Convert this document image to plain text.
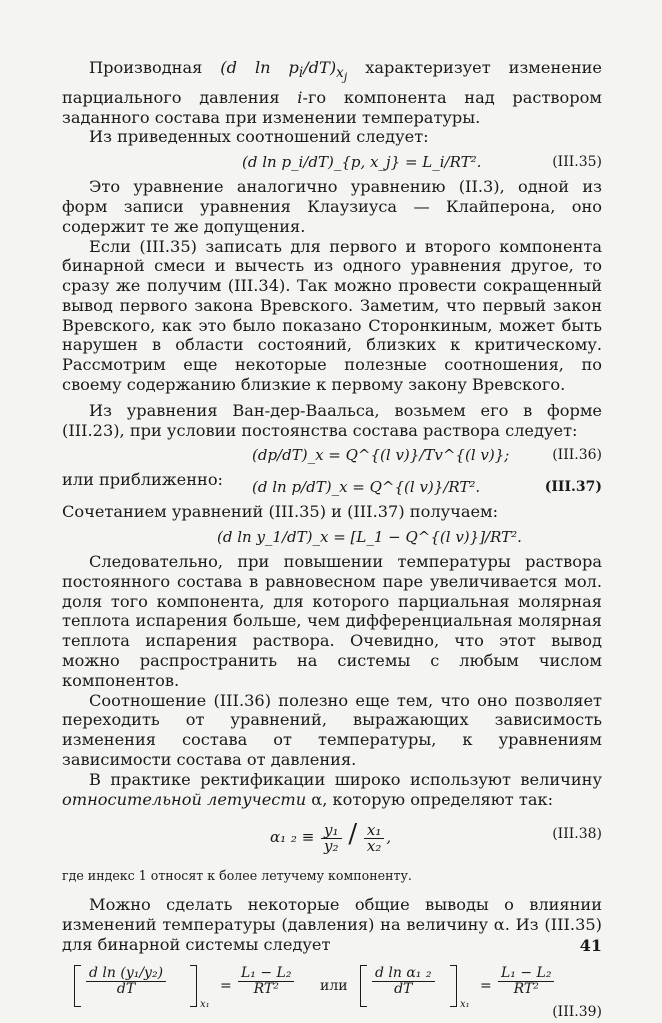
Производная (d $\ln p_i/dT)_{x_j}$ характеризует изменение парциального давления i-го компонента над раствором заданного состава при изменении температуры.

Из приведенных соотношений следует:

(d ln p_i/dT)_{p, x_j} = L_i/RT².	(III.35)

Это уравнение аналогично уравнению (II.3), одной из форм записи уравнения Клаузиуса — Клайперона, оно содержит те же допущения.

Если (III.35) записать для первого и второго компонента бинарной смеси и вычесть из одного уравнения другое, то сразу же получим (III.34). Так можно провести сокращенный вывод первого закона Вревского. Заметим, что первый закон Вревского, как это было показано Сторонкиным, может быть нарушен в области состояний, близких к критическому. Рассмотрим еще некоторые полезные соотношения, по своему содержанию близкие к первому закону Вревского.

Из уравнения Ван-дер-Ваальса, возьмем его в форме (III.23), при условии постоянства состава раствора следует:

(dp/dT)_x = Q^{(l v)}/Tv^{(l v)};	(III.36)

или приближенно:	(d ln p/dT)_x = Q^{(l v)}/RT².	(III.37)

Сочетанием уравнений (III.35) и (III.37) получаем:

(d ln y_1/dT)_x = [L_1 − Q^{(l v)}]/RT².

Следовательно, при повышении температуры раствора постоянного состава в равновесном паре увеличивается мол. доля того компонента, для которого парциальная молярная теплота испарения больше, чем дифференциальная молярная теплота испарения раствора. Очевидно, что этот вывод можно распространить на системы с любым числом компонентов.

Соотношение (III.36) полезно еще тем, что оно позволяет переходить от уравнений, выражающих зависимость изменения состава от температуры, к уравнениям зависимости состава от давления.

В практике ректификации широко используют величину относительной летучести α, которую определяют так:

α₁ $_2 \equiv \frac{\text{y₁}}{\text{y₂}} / \frac{\text{x₁}}{\text{x₂}}$ ,	(III.38)

где индекс 1 относят к более летучему компоненту.

Можно сделать некоторые общие выводы о влиянии изменений температуры (давления) на величину α. Из (III.35) для бинарной системы следует

$\frac{\text{d ln (y₁/y₂)}}{dT}$
x₁
= $\frac{\text{L₁ − L₂}}{\text{RT²}}$ или $\frac{\text{d ln α₁ ₂}}{dT}$
x₁
= $\frac{\text{L₁ − L₂}}{\text{RT²}}$
(III.39)
41
